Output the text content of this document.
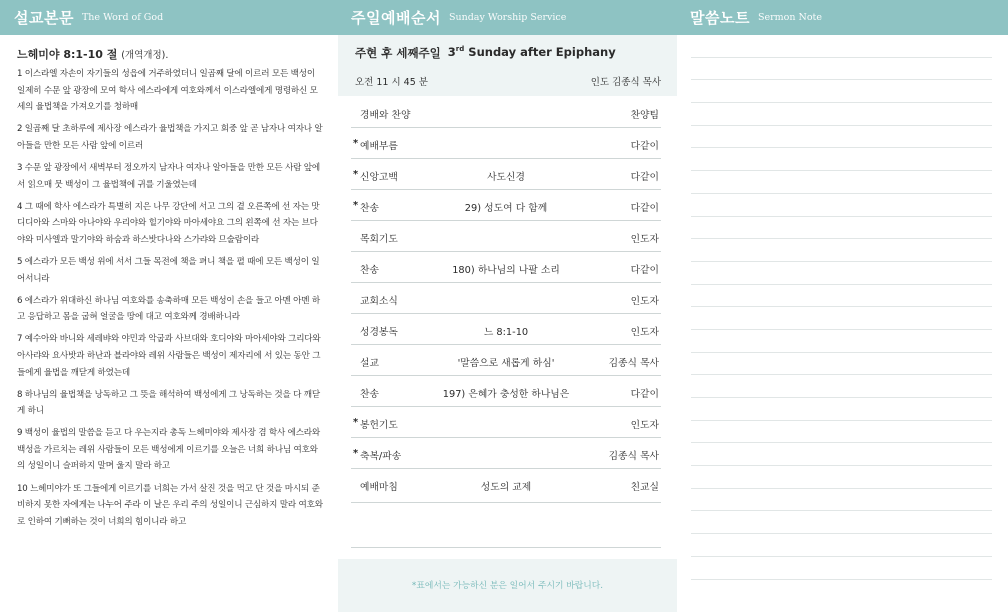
설교본문 The Word of God
느헤미야 8:1-10 절 (개역개정).

1 이스라엘 자손이 자기들의 성읍에 거주하였더니 일곱째 달에 이르러 모든 백성이 일제히 수문 앞 광장에 모여 학사 에스라에게 여호와께서 이스라엘에게 명령하신 모세의 율법책을 가져오기를 청하매

2 일곱째 달 초하루에 제사장 에스라가 율법책을 가지고 회중 앞 곧 남자나 여자나 알아들을 만한 모든 사람 앞에 이르러

3 수문 앞 광장에서 새벽부터 정오까지 남자나 여자나 알아들을 만한 모든 사람 앞에서 읽으매 뭇 백성이 그 율법책에 귀를 기울였는데

4 그 때에 학사 에스라가 특별히 지은 나무 강단에 서고 그의 곁 오른쪽에 선 자는 맛디디아와 스마와 아나야와 우리야와 힐기야와 마아세야요 그의 왼쪽에 선 자는 브다야와 미사엘과 말기야와 하숨과 하스밧다나와 스가랴와 므술람이라

5 에스라가 모든 백성 위에 서서 그들 목전에 책을 펴니 책을 펼 때에 모든 백성이 일어서니라

6 에스라가 위대하신 하나님 여호와를 송축하매 모든 백성이 손을 들고 아멘 아멘 하고 응답하고 몸을 굽혀 얼굴을 땅에 대고 여호와께 경배하니라

7 예수아와 바니와 세레뱌와 야민과 악굽과 사브대와 호디야와 마아세야와 그리다와 아사랴와 요사밧과 하난과 블라야와 레위 사람들은 백성이 제자리에 서 있는 동안 그들에게 율법을 깨닫게 하였는데

8 하나님의 율법책을 낭독하고 그 뜻을 해석하여 백성에게 그 낭독하는 것을 다 깨닫게 하니

9 백성이 율법의 말씀을 듣고 다 우는지라 총독 느헤미야와 제사장 겸 학사 에스라와 백성을 가르치는 레위 사람들이 모든 백성에게 이르기를 오늘은 너희 하나님 여호와의 성일이니 슬퍼하지 말며 울지 말라 하고

10 느헤미야가 또 그들에게 이르기를 너희는 가서 살진 것을 먹고 단 것을 마시되 준비하지 못한 자에게는 나누어 주라 이 날은 우리 주의 성일이니 근심하지 말라 여호와로 인하여 기뻐하는 것이 너희의 힘이니라 하고

주일예배순서 Sunday Worship Service
주현 후 세째주일 3rd Sunday after Epiphany
오전 11 시 45 분	인도 김종식 목사
경배와 찬양	찬양팀
* 예배부름	다같이
* 신앙고백	사도신경	다같이
* 찬송	29) 성도여 다 함께	다같이
목회기도	인도자
찬송	180) 하나님의 나팔 소리	다같이
교회소식	인도자
성경봉독	느 8:1-10	인도자
설교	'말씀으로 새롭게 하심'	김종식 목사
찬송	197) 은혜가 충성한 하나님은	다같이
* 봉헌기도	인도자
* 축복/파송	김종식 목사
예배마침	성도의 교제	친교실
*표에서는 가능하신 분은 일어서 주시기 바랍니다.
말씀노트 Sermon Note
